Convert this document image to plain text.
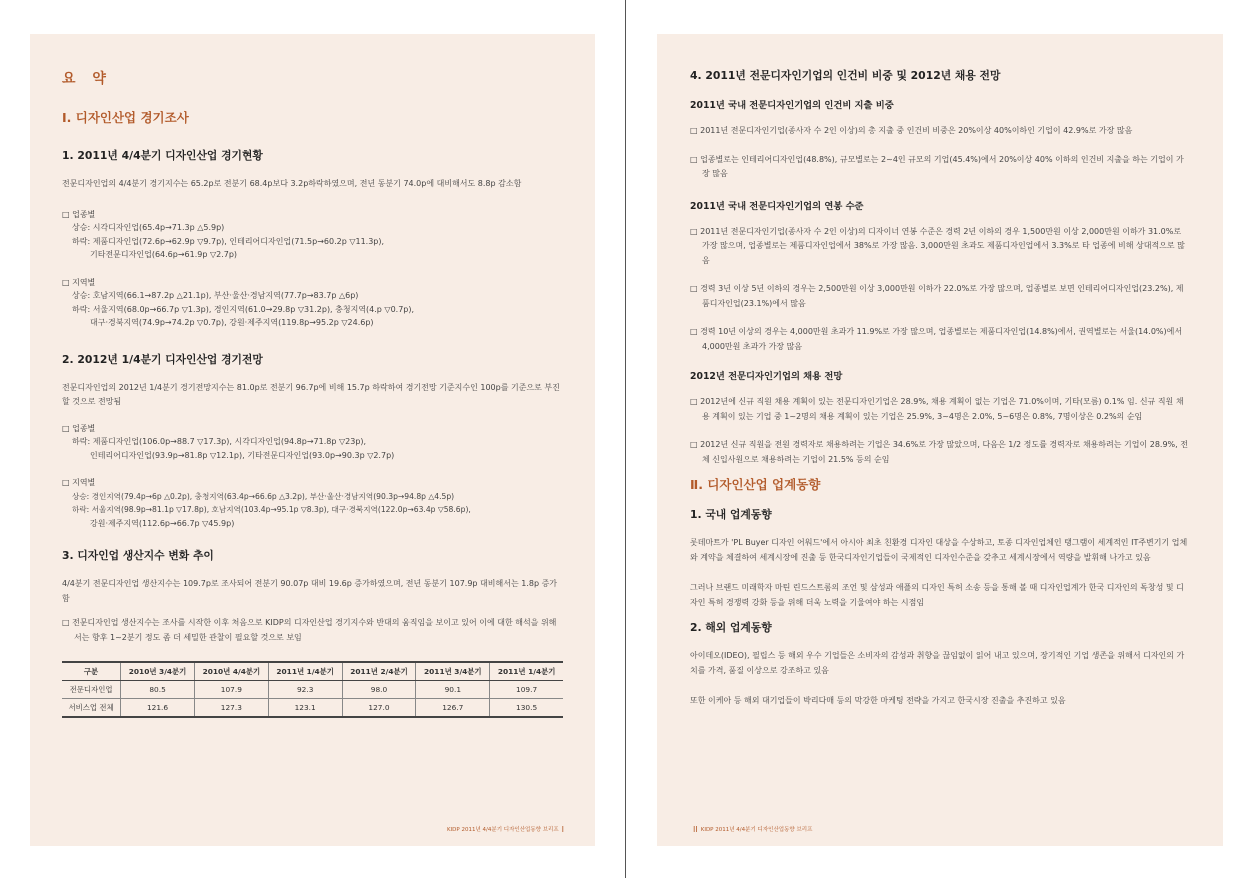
요 약
Ⅰ. 디자인산업 경기조사
1. 2011년 4/4분기 디자인산업 경기현황

전문디자인업의 4/4분기 경기지수는 65.2p로 전분기 68.4p보다 3.2p하락하였으며, 전년 동분기 74.0p에 대비해서도 8.8p 감소함

□ 업종별
상승: 시각디자인업(65.4p→71.3p △5.9p)
하락: 제품디자인업(72.6p→62.9p ▽9.7p), 인테리어디자인업(71.5p→60.2p ▽11.3p),
기타전문디자인업(64.6p→61.9p ▽2.7p)
□ 지역별
상승: 호남지역(66.1→87.2p △21.1p), 부산·울산·경남지역(77.7p→83.7p △6p)
하락: 서울지역(68.0p→66.7p ▽1.3p), 경인지역(61.0→29.8p ▽31.2p), 충청지역(4.p ▽0.7p),
대구·경북지역(74.9p→74.2p ▽0.7p), 강원·제주지역(119.8p→95.2p ▽24.6p)
2. 2012년 1/4분기 디자인산업 경기전망

전문디자인업의 2012년 1/4분기 경기전망지수는 81.0p로 전분기 96.7p에 비해 15.7p 하락하여 경기전망 기준지수인 100p를 기준으로 부진할 것으로 전망됨

□ 업종별
하락: 제품디자인업(106.0p→88.7 ▽17.3p), 시각디자인업(94.8p→71.8p ▽23p),
인테리어디자인업(93.9p→81.8p ▽12.1p), 기타전문디자인업(93.0p→90.3p ▽2.7p)
□ 지역별
상승: 경인지역(79.4p→6p △0.2p), 충청지역(63.4p→66.6p △3.2p), 부산·울산·경남지역(90.3p→94.8p △4.5p)
하락: 서울지역(98.9p→81.1p ▽17.8p), 호남지역(103.4p→95.1p ▽8.3p), 대구·경북지역(122.0p→63.4p ▽58.6p),
강원·제주지역(112.6p→66.7p ▽45.9p)
3. 디자인업 생산지수 변화 추이

4/4분기 전문디자인업 생산지수는 109.7p로 조사되어 전분기 90.07p 대비 19.6p 증가하였으며, 전년 동분기 107.9p 대비해서는 1.8p 증가함

□ 전문디자인업 생산지수는 조사를 시작한 이후 처음으로 KIDP의 디자인산업 경기지수와 반대의 움직임을 보이고 있어 이에 대한 해석을 위해서는 향후 1~2분기 정도 좀 더 세밀한 관찰이 필요할 것으로 보임

구분	2010년 3/4분기	2010년 4/4분기	2011년 1/4분기	2011년 2/4분기	2011년 3/4분기	2011년 1/4분기
전문디자인업	80.5	107.9	92.3	98.0	90.1	109.7
서비스업 전체	121.6	127.3	123.1	127.0	126.7	130.5
KIDP 2011년 4/4분기 디자인산업동향 브리프 I
4. 2011년 전문디자인기업의 인건비 비중 및 2012년 채용 전망
2011년 국내 전문디자인기업의 인건비 지출 비중

□ 2011년 전문디자인기업(종사자 수 2인 이상)의 총 지출 중 인건비 비중은 20%이상 40%이하인 기업이 42.9%로 가장 많음

□ 업종별로는 인테리어디자인업(48.8%), 규모별로는 2~4인 규모의 기업(45.4%)에서 20%이상 40% 이하의 인건비 지출을 하는 기업이 가장 많음

2011년 국내 전문디자인기업의 연봉 수준

□ 2011년 전문디자인기업(종사자 수 2인 이상)의 디자이너 연봉 수준은 경력 2년 이하의 경우 1,500만원 이상 2,000만원 이하가 31.0%로 가장 많으며, 업종별로는 제품디자인업에서 38%로 가장 많음. 3,000만원 초과도 제품디자인업에서 3.3%로 타 업종에 비해 상대적으로 많음

□ 경력 3년 이상 5년 이하의 경우는 2,500만원 이상 3,000만원 이하가 22.0%로 가장 많으며, 업종별로 보면 인테리어디자인업(23.2%), 제품디자인업(23.1%)에서 많음

□ 경력 10년 이상의 경우는 4,000만원 초과가 11.9%로 가장 많으며, 업종별로는 제품디자인업(14.8%)에서, 권역별로는 서울(14.0%)에서 4,000만원 초과가 가장 많음

2012년 전문디자인기업의 채용 전망

□ 2012년에 신규 직원 채용 계획이 있는 전문디자인기업은 28.9%, 채용 계획이 없는 기업은 71.0%이며, 기타(모름) 0.1% 임. 신규 직원 채용 계획이 있는 기업 중 1~2명의 채용 계획이 있는 기업은 25.9%, 3~4명은 2.0%, 5~6명은 0.8%, 7명이상은 0.2%의 순임

□ 2012년 신규 직원을 전원 경력자로 채용하려는 기업은 34.6%로 가장 많았으며, 다음은 1/2 정도를 경력자로 채용하려는 기업이 28.9%, 전체 신입사원으로 채용하려는 기업이 21.5% 등의 순임

Ⅱ. 디자인산업 업계동향
1. 국내 업계동향

롯데마트가 'PL Buyer 디자인 어워드'에서 아시아 최초 친환경 디자인 대상을 수상하고, 토종 디자인업체인 탱그램이 세계적인 IT주변기기 업체와 계약을 체결하여 세계시장에 진출 등 한국디자인기업들이 국제적인 디자인수준을 갖추고 세계시장에서 역량을 발휘해 나가고 있음

그러나 브랜드 미래학자 마틴 린드스트롬의 조언 및 삼성과 애플의 디자인 특허 소송 등을 통해 볼 때 디자인업계가 한국 디자인의 독창성 및 디자인 특허 경쟁력 강화 등을 위해 더욱 노력을 기울여야 하는 시점임

2. 해외 업계동향

아이데오(IDEO), 필립스 등 해외 우수 기업들은 소비자의 감성과 취향을 끊임없이 읽어 내고 있으며, 장기적인 기업 생존을 위해서 디자인의 가치를 가격, 품질 이상으로 강조하고 있음

또한 이케아 등 해외 대기업들이 박리다매 등의 막강한 마케팅 전략을 가지고 한국시장 진출을 추진하고 있음

II KIDP 2011년 4/4분기 디자인산업동향 브리프
